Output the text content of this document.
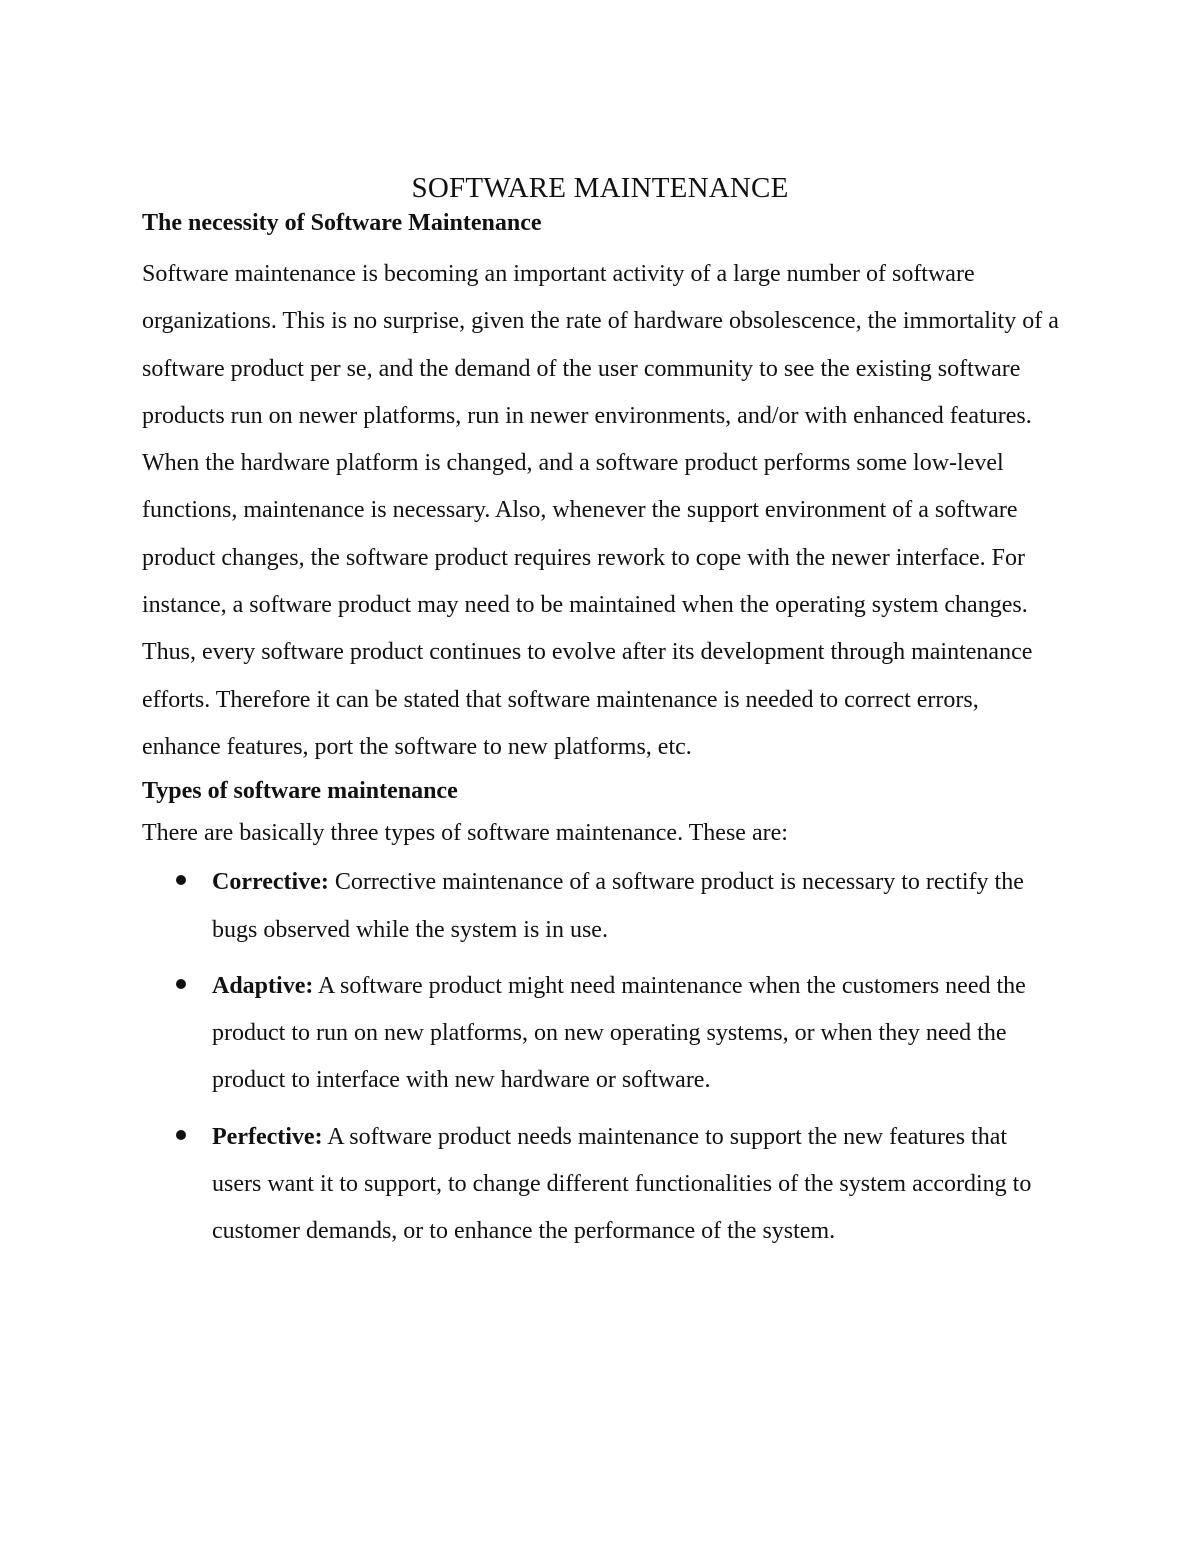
SOFTWARE MAINTENANCE
The necessity of Software Maintenance

Software maintenance is becoming an important activity of a large number of software organizations. This is no surprise, given the rate of hardware obsolescence, the immortality of a software product per se, and the demand of the user community to see the existing software products run on newer platforms, run in newer environments, and/or with enhanced features. When the hardware platform is changed, and a software product performs some low-level functions, maintenance is necessary. Also, whenever the support environment of a software product changes, the software product requires rework to cope with the newer interface. For instance, a software product may need to be maintained when the operating system changes. Thus, every software product continues to evolve after its development through maintenance efforts. Therefore it can be stated that software maintenance is needed to correct errors, enhance features, port the software to new platforms, etc.

Types of software maintenance

There are basically three types of software maintenance. These are:

Corrective: Corrective maintenance of a software product is necessary to rectify the bugs observed while the system is in use.
Adaptive: A software product might need maintenance when the customers need the product to run on new platforms, on new operating systems, or when they need the product to interface with new hardware or software.
Perfective: A software product needs maintenance to support the new features that users want it to support, to change different functionalities of the system according to customer demands, or to enhance the performance of the system.
